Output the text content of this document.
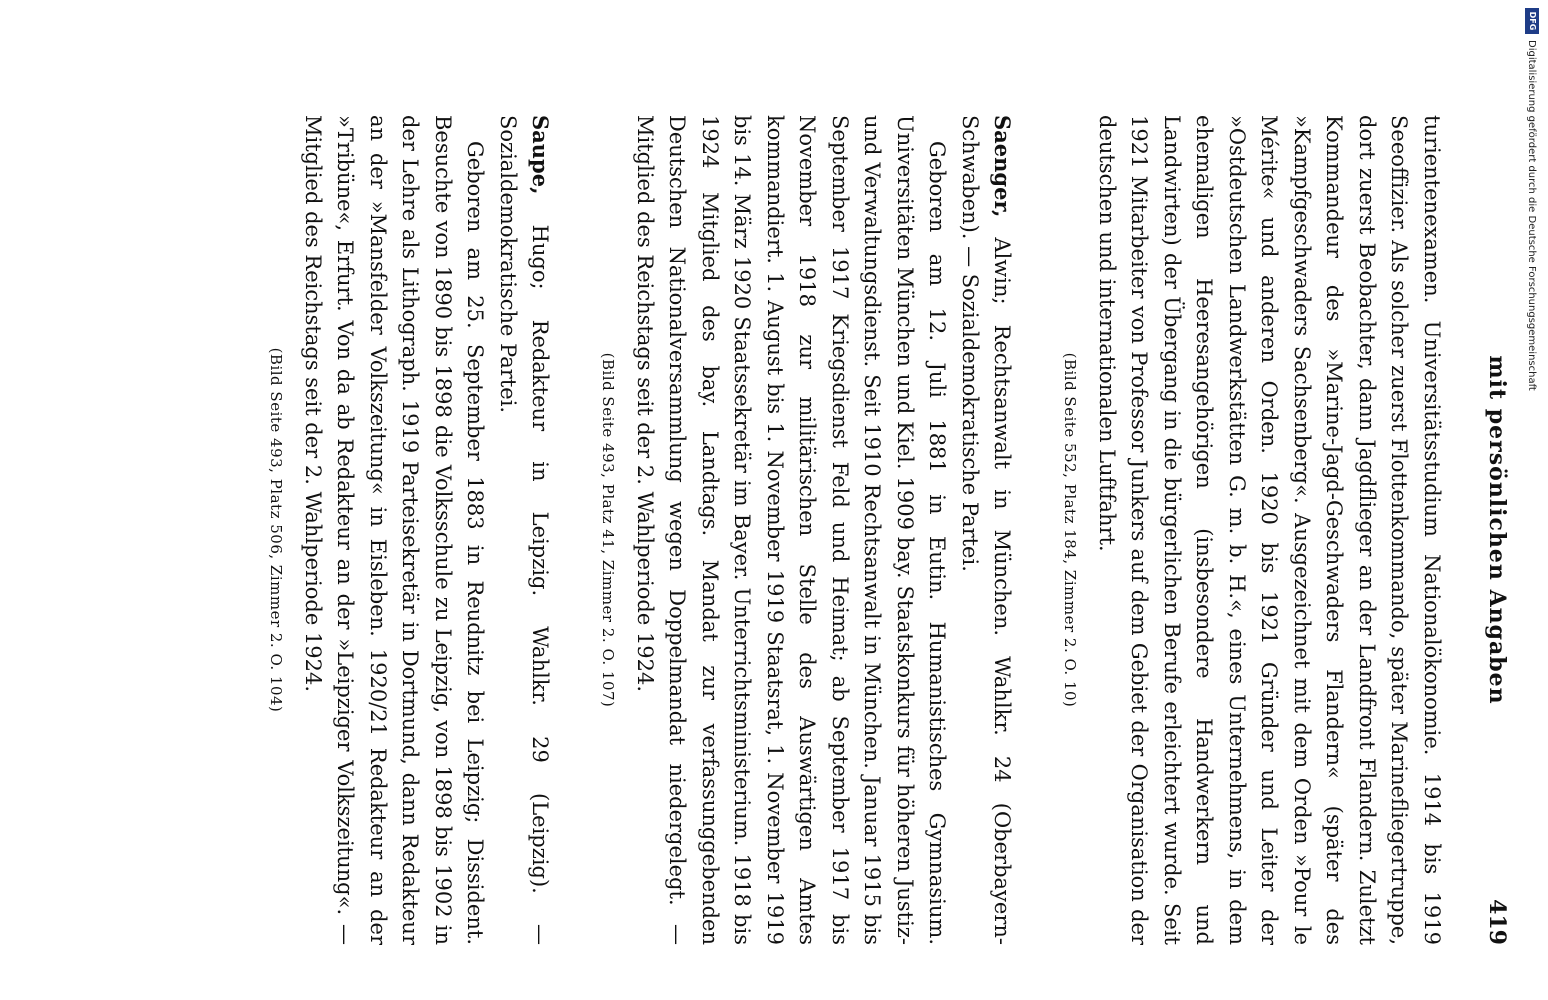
mit persönlichen Angaben
419

turientenexamen. Universitätsstudium Nationalökonomie. 1914 bis 1919 Seeoffizier. Als solcher zuerst Flottenkommando, später Marinefliegertruppe, dort zuerst Beobachter, dann Jagdflieger an der Landfront Flandern. Zuletzt Kommandeur des »Marine-Jagd-Geschwaders Flandern« (später des »Kampfgeschwaders Sachsenberg«. Ausgezeichnet mit dem Orden »Pour le Mérite« und anderen Orden. 1920 bis 1921 Gründer und Leiter der »Ostdeutschen Landwerkstätten G. m. b. H.«, eines Unternehmens, in dem ehemaligen Heeresangehörigen (insbesondere Handwerkern und Landwirten) der Übergang in die bürgerlichen Berufe erleichtert wurde. Seit 1921 Mitarbeiter von Professor Junkers auf dem Gebiet der Organisation der deutschen und internationalen Luftfahrt.

(Bild Seite 552, Platz 184, Zimmer 2. O. 10)

Saenger, Alwin; Rechtsanwalt in München. Wahlkr. 24 (Oberbayern-Schwaben). — Sozialdemokratische Partei.

Geboren am 12. Juli 1881 in Eutin. Humanistisches Gymnasium. Universitäten München und Kiel. 1909 bay. Staatskonkurs für höheren Justiz- und Verwaltungsdienst. Seit 1910 Rechtsanwalt in München. Januar 1915 bis September 1917 Kriegsdienst Feld und Heimat; ab September 1917 bis November 1918 zur militärischen Stelle des Auswärtigen Amtes kommandiert. 1. August bis 1. November 1919 Staatsrat, 1. November 1919 bis 14. März 1920 Staatssekretär im Bayer. Unterrichtsministerium. 1918 bis 1924 Mitglied des bay. Landtags. Mandat zur verfassunggebenden Deutschen Nationalversammlung wegen Doppelmandat niedergelegt. — Mitglied des Reichstags seit der 2. Wahlperiode 1924.

(Bild Seite 493, Platz 41, Zimmer 2. O. 107)

Saupe, Hugo; Redakteur in Leipzig. Wahlkr. 29 (Leipzig). — Sozialdemokratische Partei.

Geboren am 25. September 1883 in Reudnitz bei Leipzig; Dissident. Besuchte von 1890 bis 1898 die Volksschule zu Leipzig, von 1898 bis 1902 in der Lehre als Lithograph. 1919 Parteisekretär in Dortmund, dann Redakteur an der »Mansfelder Volkszeitung« in Eisleben. 1920/21 Redakteur an der »Tribüne«, Erfurt. Von da ab Redakteur an der »Leipziger Volkszeitung«. — Mitglied des Reichstags seit der 2. Wahlperiode 1924.

(Bild Seite 493, Platz 506, Zimmer 2. O. 104)

DFG
Digitalisierung gefördert durch die Deutsche Forschungsgemeinschaft
